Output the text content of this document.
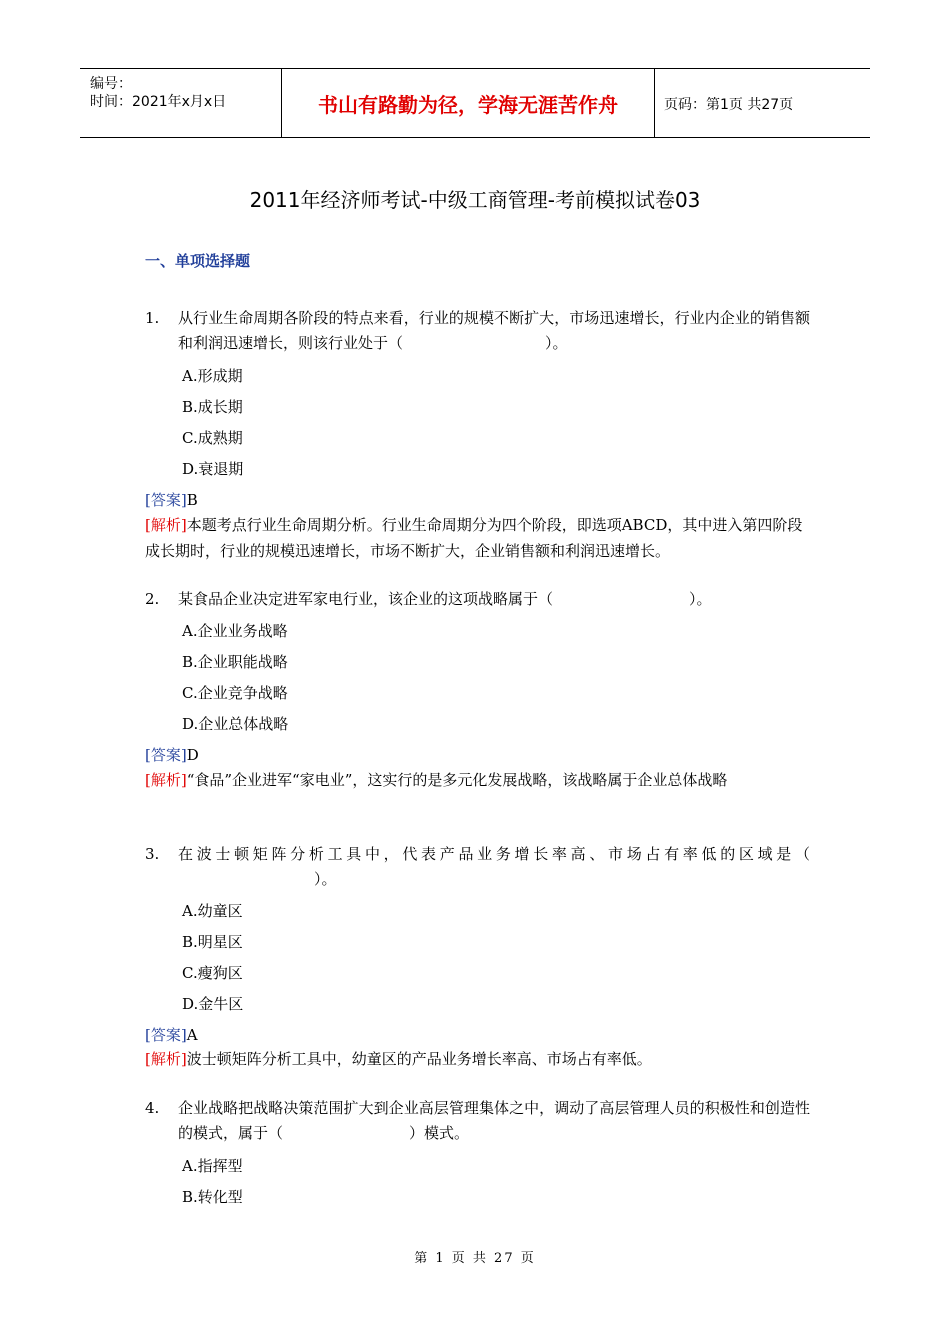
编号：
时间：2021年x月x日	书山有路勤为径，学海无涯苦作舟	页码：第1页 共27页
2011年经济师考试-中级工商管理-考前模拟试卷03
一、单项选择题
1. 从行业生命周期各阶段的特点来看，行业的规模不断扩大，市场迅速增长，行业内企业的销售额和利润迅速增长，则该行业处于（	）。
A.形成期
B.成长期
C.成熟期
D.衰退期
[答案]B
[解析]本题考点行业生命周期分析。行业生命周期分为四个阶段，即选项ABCD，其中进入第四阶段成长期时，行业的规模迅速增长，市场不断扩大，企业销售额和利润迅速增长。
2. 某食品企业决定进军家电行业，该企业的这项战略属于（	）。
A.企业业务战略
B.企业职能战略
C.企业竞争战略
D.企业总体战略
[答案]D
[解析]“食品”企业进军“家电业”，这实行的是多元化发展战略，该战略属于企业总体战略
3. 在波士顿矩阵分析工具中，代表产品业务增长率高、市场占有率低的区域是（）。
A.幼童区
B.明星区
C.瘦狗区
D.金牛区
[答案]A
[解析]波士顿矩阵分析工具中，幼童区的产品业务增长率高、市场占有率低。
4. 企业战略把战略决策范围扩大到企业高层管理集体之中，调动了高层管理人员的积极性和创造性的模式，属于（	）模式。
A.指挥型
B.转化型
第 1 页 共 27 页
